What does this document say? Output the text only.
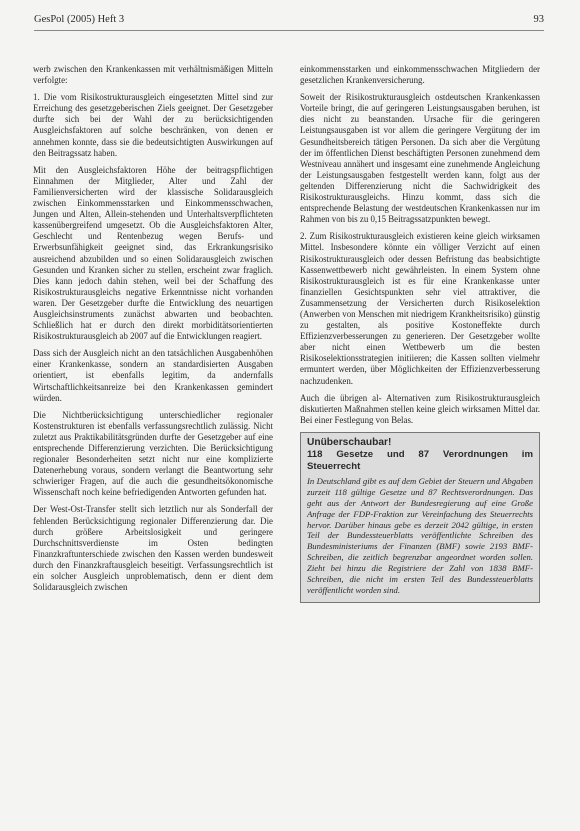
GesPol (2005) Heft 3	93

werb zwischen den Krankenkassen mit verhältnismäßigen Mitteln verfolgte:

1. Die vom Risikostrukturausgleich eingesetzten Mittel sind zur Erreichung des gesetzgeberischen Ziels geeignet. Der Gesetzgeber durfte sich bei der Wahl der zu berücksichtigenden Ausgleichsfaktoren auf solche beschränken, von denen er annehmen konnte, dass sie die bedeutsichtigten Auswirkungen auf den Beitragssatz haben.

Mit den Ausgleichsfaktoren Höhe der beitragspflichtigen Einnahmen der Mitglieder, Alter und Zahl der Familienversicherten wird der klassische Solidarausgleich zwischen Einkommensstarken und Einkommensschwachen, Jungen und Alten, Allein-stehenden und Unterhaltsverpflichteten kassenübergreifend umgesetzt. Ob die Ausgleichsfaktoren Alter, Geschlecht und Rentenbezug wegen Berufs- und Erwerbsunfähigkeit geeignet sind, das Erkrankungsrisiko ausreichend abzubilden und so einen Solidarausgleich zwischen Gesunden und Kranken sicher zu stellen, erscheint zwar fraglich. Dies kann jedoch dahin stehen, weil bei der Schaffung des Risikostrukturausgleichs negative Erkenntnisse nicht vorhanden waren. Der Gesetzgeber durfte die Entwicklung des neuartigen Ausgleichsinstruments zunächst abwarten und beobachten. Schließlich hat er durch den direkt morbiditätsorientierten Risikostrukturausgleich ab 2007 auf die Entwicklungen reagiert.

Dass sich der Ausgleich nicht an den tatsächlichen Ausgabenhöhen einer Krankenkasse, sondern an standardisierten Ausgaben orientiert, ist ebenfalls legitim, da andernfalls Wirtschaftlichkeitsanreize bei den Krankenkassen gemindert würden.

Die Nichtberücksichtigung unterschiedlicher regionaler Kostenstrukturen ist ebenfalls verfassungsrechtlich zulässig. Nicht zuletzt aus Praktikabilitätsgründen durfte der Gesetzgeber auf eine entsprechende Differenzierung verzichten. Die Berücksichtigung regionaler Besonderheiten setzt nicht nur eine komplizierte Datenerhebung voraus, sondern verlangt die Beantwortung sehr schwieriger Fragen, auf die auch die gesundheitsökonomische Wissenschaft noch keine befriedigenden Antworten gefunden hat.

Der West-Ost-Transfer stellt sich letztlich nur als Sonderfall der fehlenden Berücksichtigung regionaler Differenzierung dar. Die durch größere Arbeitslosigkeit und geringere Durchschnittsverdienste im Osten bedingten Finanzkraftunterschiede zwischen den Kassen werden bundesweit durch den Finanzkraftausgleich beseitigt. Verfassungsrechtlich ist ein solcher Ausgleich unproblematisch, denn er dient dem Solidarausgleich zwischen

einkommensstarken und einkommensschwachen Mitgliedern der gesetzlichen Krankenversicherung.

Soweit der Risikostrukturausgleich ostdeutschen Krankenkassen Vorteile bringt, die auf geringeren Leistungsausgaben beruhen, ist dies nicht zu beanstanden. Ursache für die geringeren Leistungsausgaben ist vor allem die geringere Vergütung der im Gesundheitsbereich tätigen Personen. Da sich aber die Vergütung der im öffentlichen Dienst beschäftigten Personen zunehmend dem Westniveau annähert und insgesamt eine zunehmende Angleichung der Leistungsausgaben festgestellt werden kann, folgt aus der geltenden Differenzierung nicht die Sachwidrigkeit des Risikostrukturausgleichs. Hinzu kommt, dass sich die entsprechende Belastung der westdeutschen Krankenkassen nur im Rahmen von bis zu 0,15 Beitragssatzpunkten bewegt.

2. Zum Risikostrukturausgleich existieren keine gleich wirksamen Mittel. Insbesondere könnte ein völliger Verzicht auf einen Risikostrukturausgleich oder dessen Befristung das beabsichtigte Kassenwettbewerb nicht gewährleisten. In einem System ohne Risikostrukturausgleich ist es für eine Krankenkasse unter finanziellen Gesichtspunkten sehr viel attraktiver, die Zusammensetzung der Versicherten durch Risikoselektion (Anwerben von Menschen mit niedrigem Krankheitsrisiko) günstig zu gestalten, als positive Kostoneffekte durch Effizienzverbesserungen zu generieren. Der Gesetzgeber wollte aber nicht einen Wettbewerb um die besten Risikoselektionsstrategien initiieren; die Kassen sollten vielmehr ermuntert werden, über Möglichkeiten der Effizienzverbesserung nachzudenken.

Auch die übrigen al- Alternativen zum Risikostrukturausgleich diskutierten Maßnahmen stellen keine gleich wirksamen Mittel dar. Bei einer Festlegung von Belas.

Unüberschaubar!
118 Gesetze und 87 Verordnungen im Steuerrecht
In Deutschland gibt es auf dem Gebiet der Steuern und Abgaben zurzeit 118 gültige Gesetze und 87 Rechtsverordnungen. Das geht aus der Antwort der Bundesregierung auf eine Große Anfrage der FDP-Fraktion zur Vereinfachung des Steuerrechts hervor. Darüber hinaus gebe es derzeit 2042 gültige, in ersten Teil der Bundessteuerblatts veröffentlichte Schreiben des Bundesministeriums der Finanzen (BMF) sowie 2193 BMF-Schreiben, die zeitlich begrenzbar angeordnet worden sollen. Zieht bei hinzu die Registriere der Zahl von 1838 BMF-Schreiben, die nicht im ersten Teil des Bundessteuerblatts veröffentlicht worden sind.
